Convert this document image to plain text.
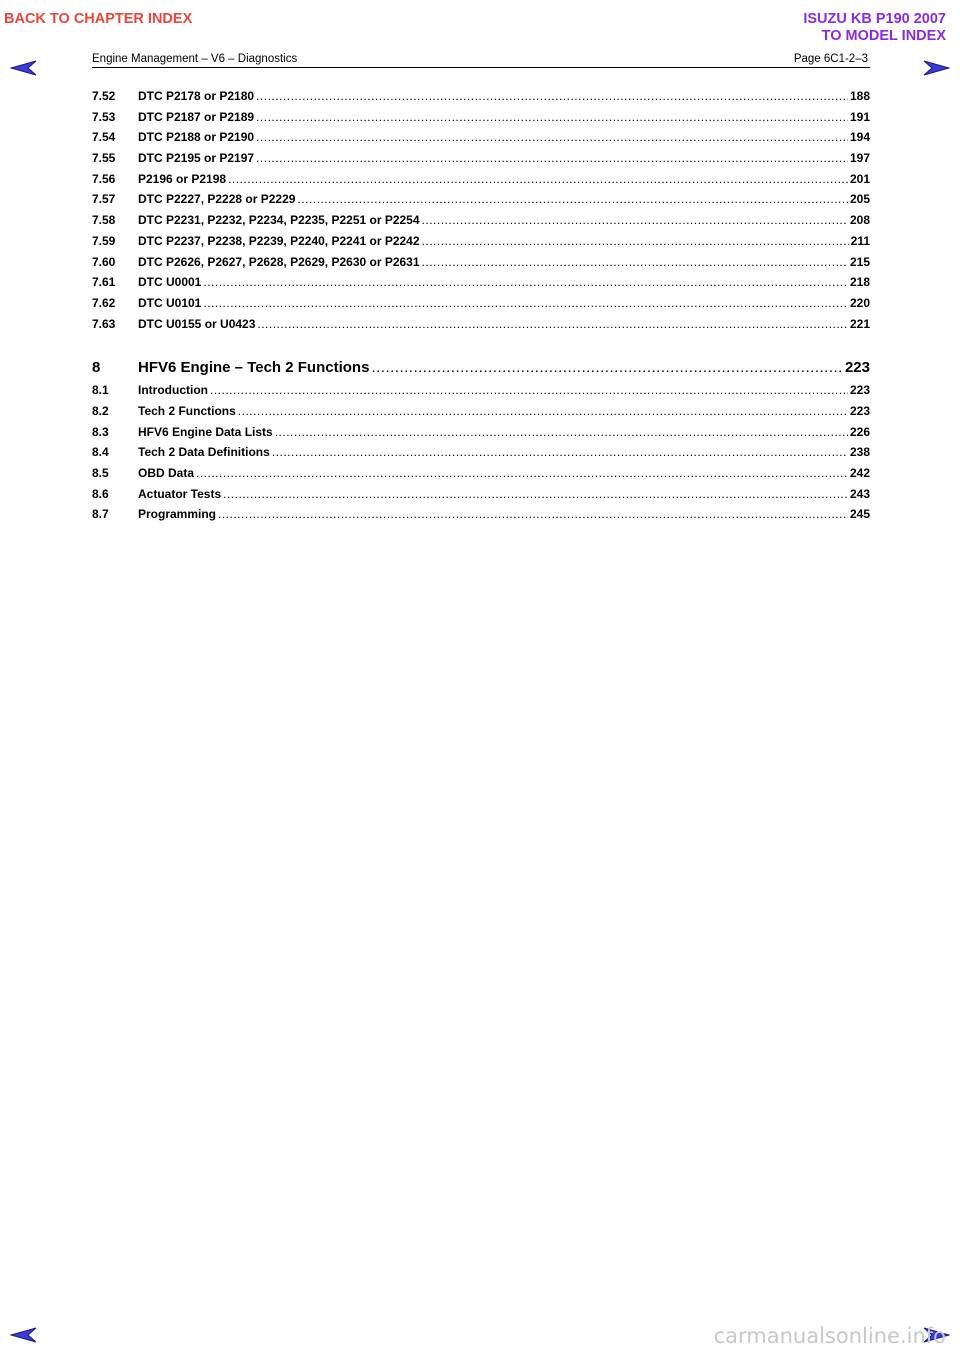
BACK TO CHAPTER INDEX	ISUZU KB P190 2007
TO MODEL INDEX
Engine Management – V6 – Diagnostics	Page 6C1-2–3
7.52	DTC P2178 or P2180 .....	188
7.53	DTC P2187 or P2189 .....	191
7.54	DTC P2188 or P2190 .....	194
7.55	DTC P2195 or P2197 .....	197
7.56	P2196 or P2198 .....	201
7.57	DTC P2227, P2228 or P2229 .....	205
7.58	DTC P2231, P2232, P2234, P2235, P2251 or P2254 .....	208
7.59	DTC P2237, P2238, P2239, P2240, P2241 or P2242 .....	211
7.60	DTC P2626, P2627, P2628, P2629, P2630 or P2631 .....	215
7.61	DTC U0001 .....	218
7.62	DTC U0101 .....	220
7.63	DTC U0155 or U0423 .....	221
8	HFV6 Engine – Tech 2 Functions .....	223
8.1	Introduction .....	223
8.2	Tech 2 Functions .....	223
8.3	HFV6 Engine Data Lists .....	226
8.4	Tech 2 Data Definitions .....	238
8.5	OBD Data .....	242
8.6	Actuator Tests .....	243
8.7	Programming .....	245
carmanualsonline.info
